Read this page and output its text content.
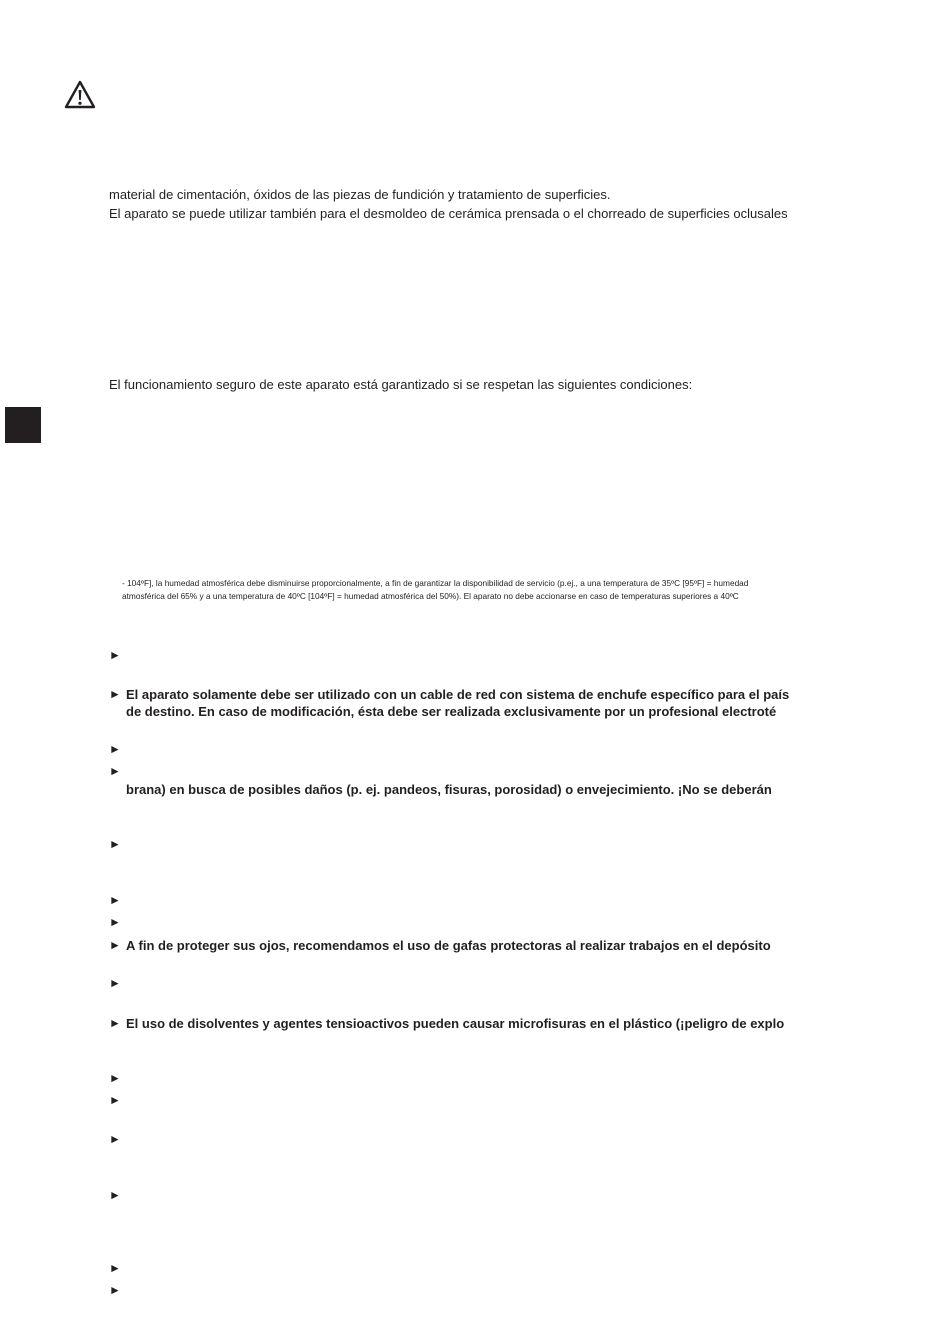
material de cimentación, óxidos de las piezas de fundición y tratamiento de superficies.
El aparato se puede utilizar también para el desmoldeo de cerámica prensada o el chorreado de superficies oclusales
El funcionamiento seguro de este aparato está garantizado si se respetan las siguientes condiciones:
- 104ºF], la humedad atmosférica debe disminuirse proporcionalmente, a fin de garantizar la disponibilidad de servicio (p.ej., a una temperatura de 35ºC [95ºF] = humedad
atmosférica del 65% y a una temperatura de 40ºC [104ºF] = humedad atmosférica del 50%). El aparato no debe accionarse en caso de temperaturas superiores a 40ºC
►
►
►
►
►
►
►
►
►
►
►
►
►
►
►
►
El aparato solamente debe ser utilizado con un cable de red con sistema de enchufe específico para el país
de destino. En caso de modificación, ésta debe ser realizada exclusivamente por un profesional electroté
brana) en busca de posibles daños (p. ej. pandeos, fisuras, porosidad) o envejecimiento. ¡No se deberán
A fin de proteger sus ojos, recomendamos el uso de gafas protectoras al realizar trabajos en el depósito
El uso de disolventes y agentes tensioactivos pueden causar microfisuras en el plástico (¡peligro de explo
